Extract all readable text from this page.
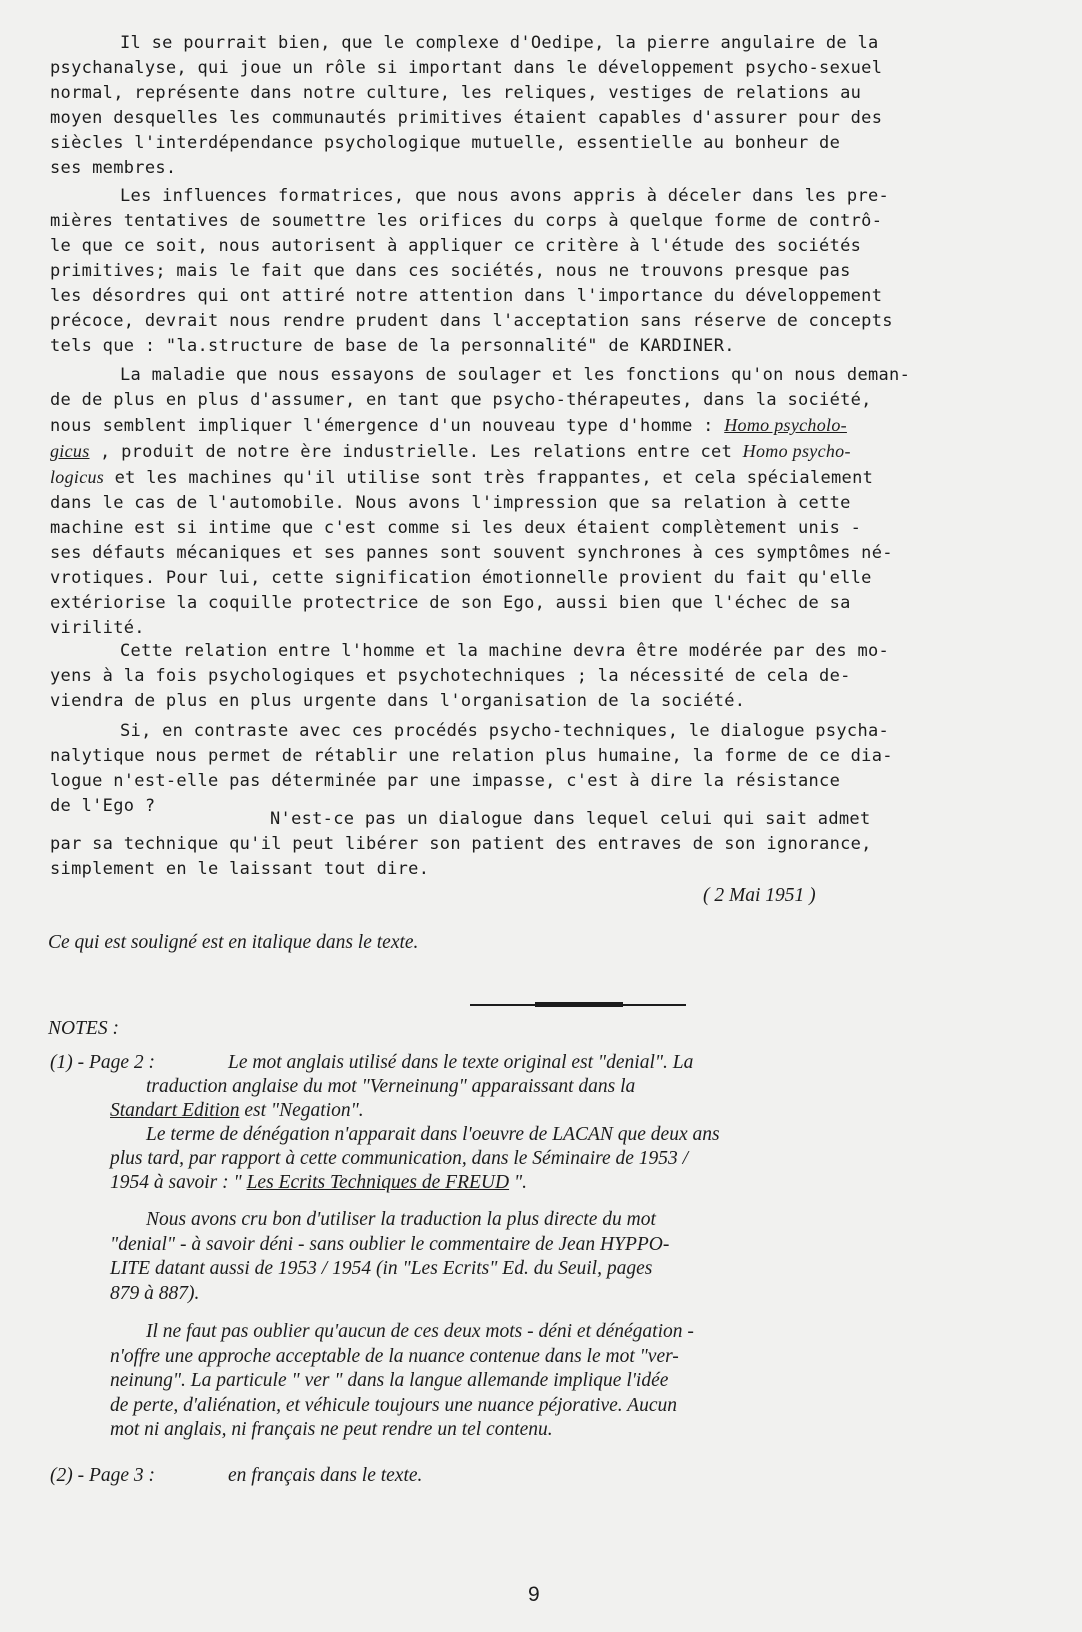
Il se pourrait bien, que le complexe d'Oedipe, la pierre angulaire de la
psychanalyse, qui joue un rôle si important dans le développement psycho-sexuel
normal, représente dans notre culture, les reliques, vestiges de relations au
moyen desquelles les communautés primitives étaient capables d'assurer pour des
siècles l'interdépendance psychologique mutuelle, essentielle au bonheur de
ses membres.
Les influences formatrices, que nous avons appris à déceler dans les pre-
mières tentatives de soumettre les orifices du corps à quelque forme de contrô-
le que ce soit, nous autorisent à appliquer ce critère à l'étude des sociétés
primitives; mais le fait que dans ces sociétés, nous ne trouvons presque pas
les désordres qui ont attiré notre attention dans l'importance du développement
précoce, devrait nous rendre prudent dans l'acceptation sans réserve de concepts
tels que : "la.structure de base de la personnalité" de KARDINER.
La maladie que nous essayons de soulager et les fonctions qu'on nous deman-
de de plus en plus d'assumer, en tant que psycho-thérapeutes, dans la société,
nous semblent impliquer l'émergence d'un nouveau type d'homme : Homo psycholo-
gicus , produit de notre ère industrielle. Les relations entre cet Homo psycho-
logicus et les machines qu'il utilise sont très frappantes, et cela spécialement
dans le cas de l'automobile. Nous avons l'impression que sa relation à cette
machine est si intime que c'est comme si les deux étaient complètement unis -
ses défauts mécaniques et ses pannes sont souvent synchrones à ces symptômes né-
vrotiques. Pour lui, cette signification émotionnelle provient du fait qu'elle
extériorise la coquille protectrice de son Ego, aussi bien que l'échec de sa
virilité.
Cette relation entre l'homme et la machine devra être modérée par des mo-
yens à la fois psychologiques et psychotechniques ; la nécessité de cela de-
viendra de plus en plus urgente dans l'organisation de la société.
Si, en contraste avec ces procédés psycho-techniques, le dialogue psycha-
nalytique nous permet de rétablir une relation plus humaine, la forme de ce dia-
logue n'est-elle pas déterminée par une impasse, c'est à dire la résistance
de l'Ego ?
N'est-ce pas un dialogue dans lequel celui qui sait admet
par sa technique qu'il peut libérer son patient des entraves de son ignorance,
simplement en le laissant tout dire.
( 2 Mai 1951 )
Ce qui est souligné est en italique dans le texte.
NOTES :
(1) - Page 2 :	Le mot anglais utilisé dans le texte original est "denial". La
traduction anglaise du mot "Verneinung" apparaissant dans la
Standart Edition est "Negation".
Le terme de dénégation n'apparait dans l'oeuvre de LACAN que deux ans
plus tard, par rapport à cette communication, dans le Séminaire de 1953 /
1954 à savoir : " Les Ecrits Techniques de FREUD ".
Nous avons cru bon d'utiliser la traduction la plus directe du mot
"denial" - à savoir déni - sans oublier le commentaire de Jean HYPPO-
LITE datant aussi de 1953 / 1954 (in "Les Ecrits" Ed. du Seuil, pages
879 à 887).
Il ne faut pas oublier qu'aucun de ces deux mots - déni et dénégation -
n'offre une approche acceptable de la nuance contenue dans le mot "ver-
neinung". La particule " ver " dans la langue allemande implique l'idée
de perte, d'aliénation, et véhicule toujours une nuance péjorative. Aucun
mot ni anglais, ni français ne peut rendre un tel contenu.
(2) - Page 3 :	en français dans le texte.
9
